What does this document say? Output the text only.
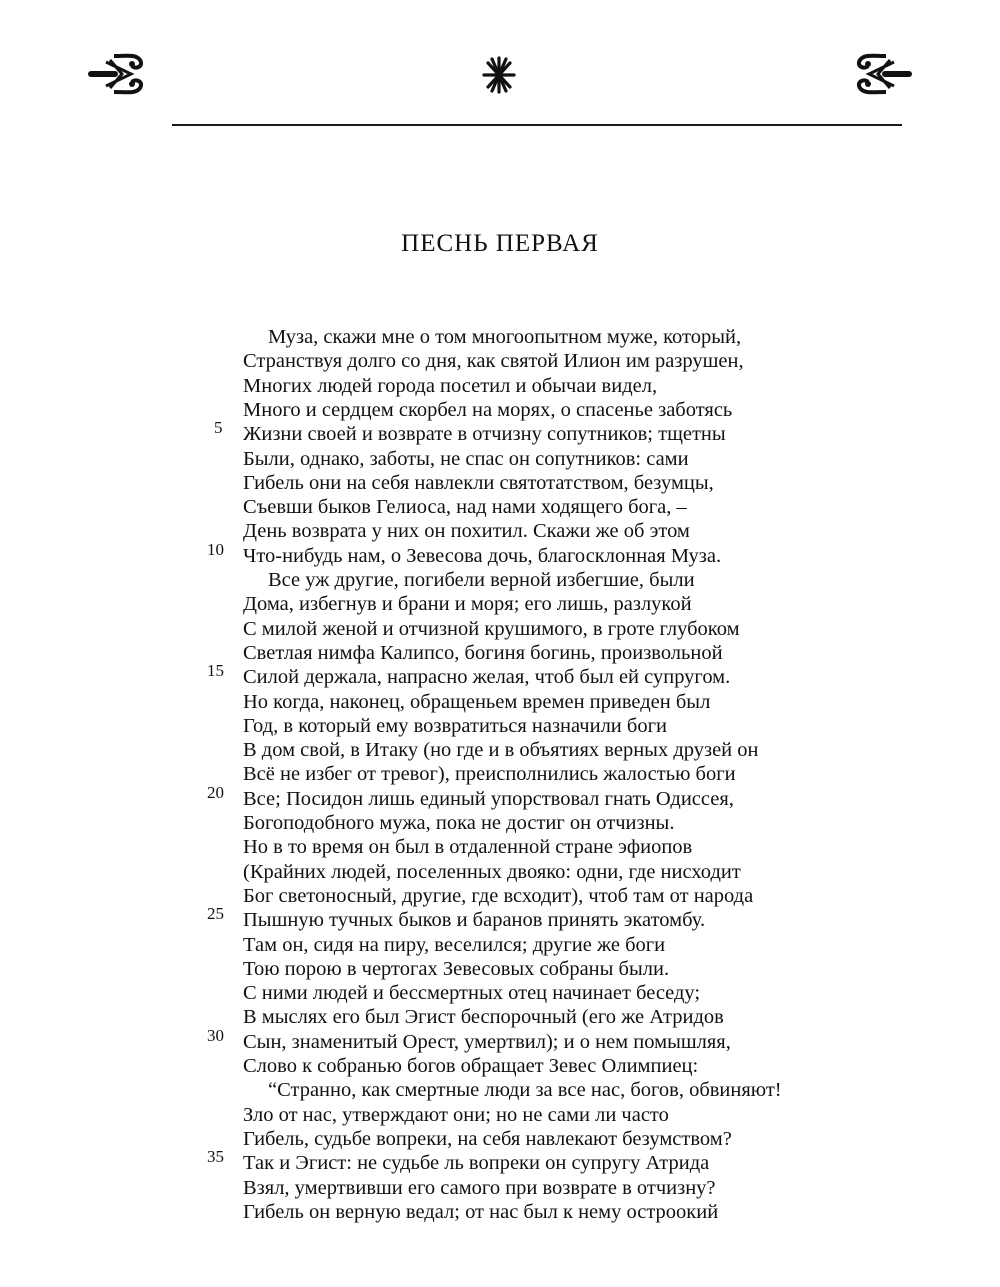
ПЕСНЬ ПЕРВАЯ
Муза, скажи мне о том многоопытном муже, который,
Странствуя долго со дня, как святой Илион им разрушен,
Многих людей города посетил и обычаи видел,
Много и сердцем скорбел на морях, о спасенье заботясь
Жизни своей и возврате в отчизну сопутников; тщетны
5
Были, однако, заботы, не спас он сопутников: сами
Гибель они на себя навлекли святотатством, безумцы,
Съевши быков Гелиоса, над нами ходящего бога, –
День возврата у них он похитил. Скажи же об этом
Что-нибудь нам, о Зевесова дочь, благосклонная Муза.
10
Все уж другие, погибели верной избегшие, были
Дома, избегнув и брани и моря; его лишь, разлукой
С милой женой и отчизной крушимого, в гроте глубоком
Светлая нимфа Калипсо, богиня богинь, произвольной
Силой держала, напрасно желая, чтоб был ей супругом.
15
Но когда, наконец, обращеньем времен приведен был
Год, в который ему возвратиться назначили боги
В дом свой, в Итаку (но где и в объятиях верных друзей он
Всё не избег от тревог), преисполнились жалостью боги
Все; Посидон лишь единый упорствовал гнать Одиссея,
20
Богоподобного мужа, пока не достиг он отчизны.
Но в то время он был в отдаленной стране эфиопов
(Крайних людей, поселенных двояко: одни, где нисходит
Бог светоносный, другие, где всходит), чтоб там от народа
Пышную тучных быков и баранов принять экатомбу.
25
Там он, сидя на пиру, веселился; другие же боги
Тою порою в чертогах Зевесовых собраны были.
С ними людей и бессмертных отец начинает беседу;
В мыслях его был Эгист беспорочный (его же Атридов
Сын, знаменитый Орест, умертвил); и о нем помышляя,
30
Слово к собранью богов обращает Зевес Олимпиец:
“Странно, как смертные люди за все нас, богов, обвиняют!
Зло от нас, утверждают они; но не сами ли часто
Гибель, судьбе вопреки, на себя навлекают безумством?
Так и Эгист: не судьбе ль вопреки он супругу Атрида
35
Взял, умертвивши его самого при возврате в отчизну?
Гибель он верную ведал; от нас был к нему остроокий
